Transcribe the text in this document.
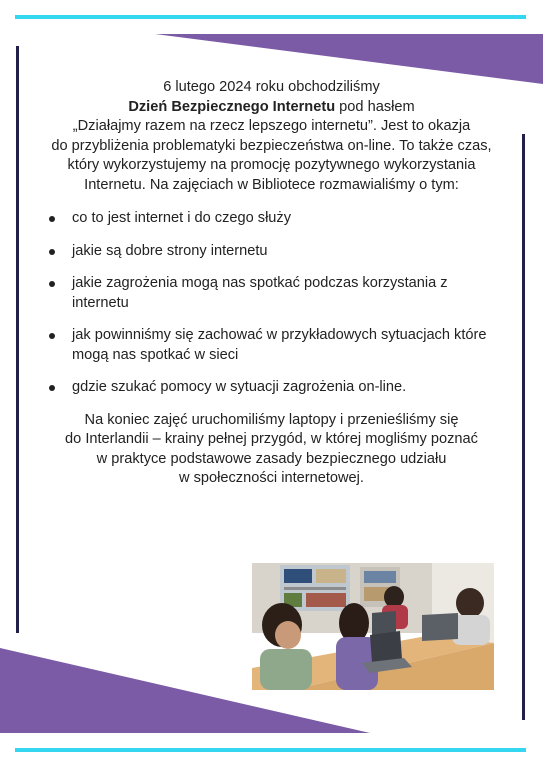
6 lutego 2024 roku obchodziliśmy
Dzień Bezpiecznego Internetu pod hasłem
„Działajmy razem na rzecz lepszego internetu”. Jest to okazja
do przybliżenia problematyki bezpieczeństwa on-line. To także czas,
który wykorzystujemy na promocję pozytywnego wykorzystania
Internetu. Na zajęciach w Bibliotece rozmawialiśmy o tym:

co to jest internet i do czego służy
jakie są dobre strony internetu
jakie zagrożenia mogą nas spotkać podczas korzystania z internetu
jak powinniśmy się zachować w przykładowych sytuacjach które mogą nas spotkać w sieci
gdzie szukać pomocy w sytuacji zagrożenia on-line.

Na koniec zajęć uruchomiliśmy laptopy i przenieśliśmy się
do Interlandii – krainy pełnej przygód, w której mogliśmy poznać
w praktyce podstawowe zasady bezpiecznego udziału
w społeczności internetowej.
